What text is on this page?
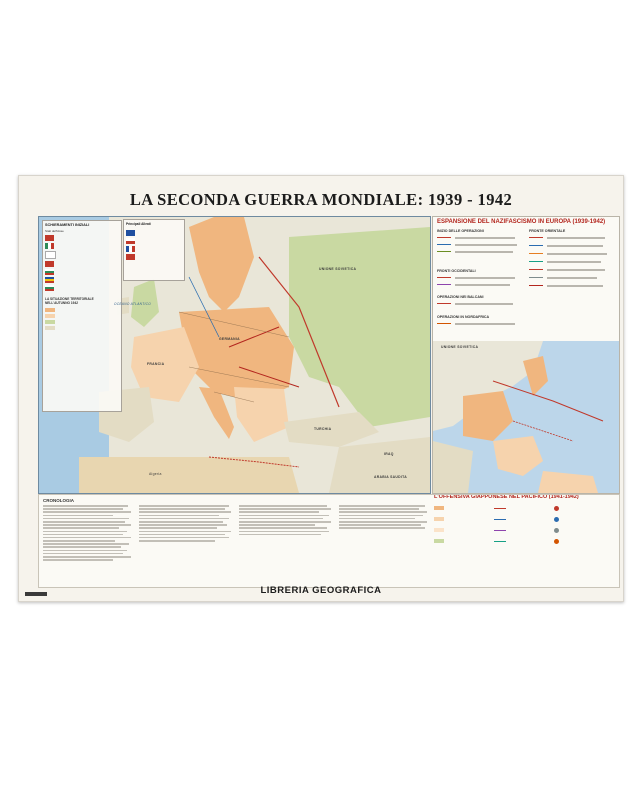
LA SECONDA GUERRA MONDIALE: 1939 - 1942
SCHIERAMENTI INIZIALI
Stati dell'Asse
LA SITUAZIONE TERRITORIALE NELL'AUTUNNO 1942
Principali Alleati
UNIONE SOVIETICA
GERMANIA
FRANCIA
TURCHIA
IRAQ
ARABIA SAUDITA
Algeria
OCEANO ATLANTICO
ESPANSIONE DEL NAZIFASCISMO IN EUROPA (1939-1942)
INIZIO DELLE OPERAZIONI	FRONTE ORIENTALE
FRONTI OCCIDENTALI
OPERAZIONI NEI BALCANI
OPERAZIONI IN NORDAFRICA
UNIONE SOVIETICA
CRONOLOGIA
L'OFFENSIVA GIAPPONESE NEL PACIFICO (1941-1942)
LIBRERIA GEOGRAFICA
